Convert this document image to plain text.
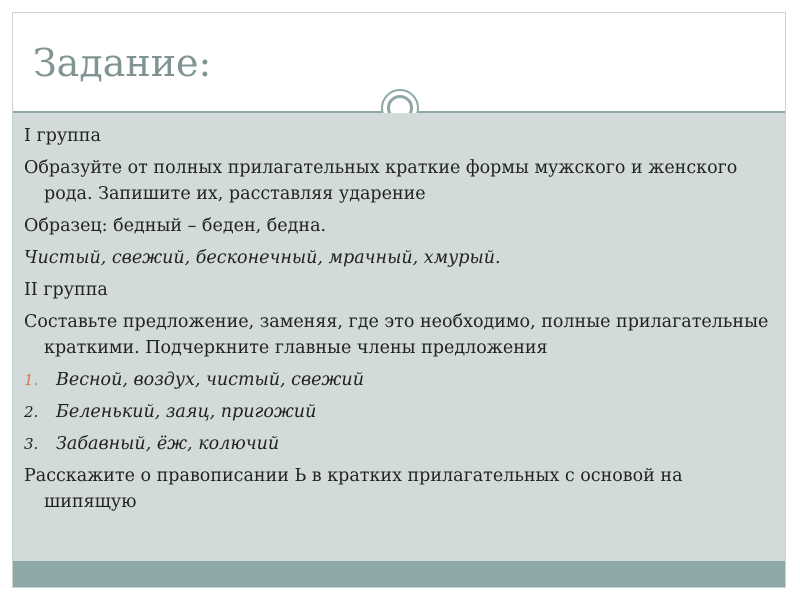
Задание:
I группа
Образуйте от полных прилагательных краткие формы мужского и женского рода. Запишите их, расставляя ударение
Образец: бедный – беден, бедна.
Чистый, свежий, бесконечный, мрачный, хмурый.
II группа
Составьте предложение, заменяя, где это необходимо, полные прилагательные краткими. Подчеркните главные члены предложения
1.	Весной, воздух, чистый, свежий
2.	Беленький, заяц, пригожий
3.	Забавный, ёж, колючий
Расскажите о правописании Ь в кратких прилагательных с основой на шипящую
